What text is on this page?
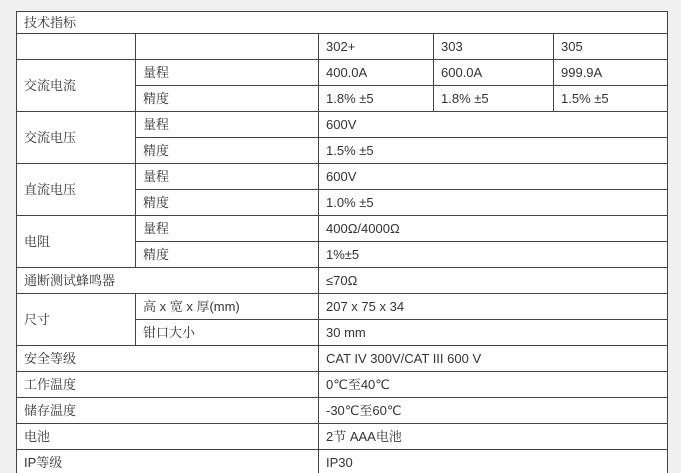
技术指标				
		302+	303	305
交流电流	量程	400.0A	600.0A	999.9A
	精度	1.8% ±5	1.8% ±5	1.5% ±5
交流电压	量程	600V		
	精度	1.5% ±5		
直流电压	量程	600V		
	精度	1.0% ±5		
电阻	量程	400Ω/4000Ω		
	精度	1%±5		
通断测试蜂鸣器		≤70Ω		
尺寸	高 x 宽 x 厚(mm)	207 x 75 x 34		
	钳口大小	30 mm		
安全等级		CAT IV 300V/CAT III 600 V		
工作温度		0℃至40℃		
储存温度		-30℃至60℃		
电池		2节 AAA电池		
IP等级		IP30		
